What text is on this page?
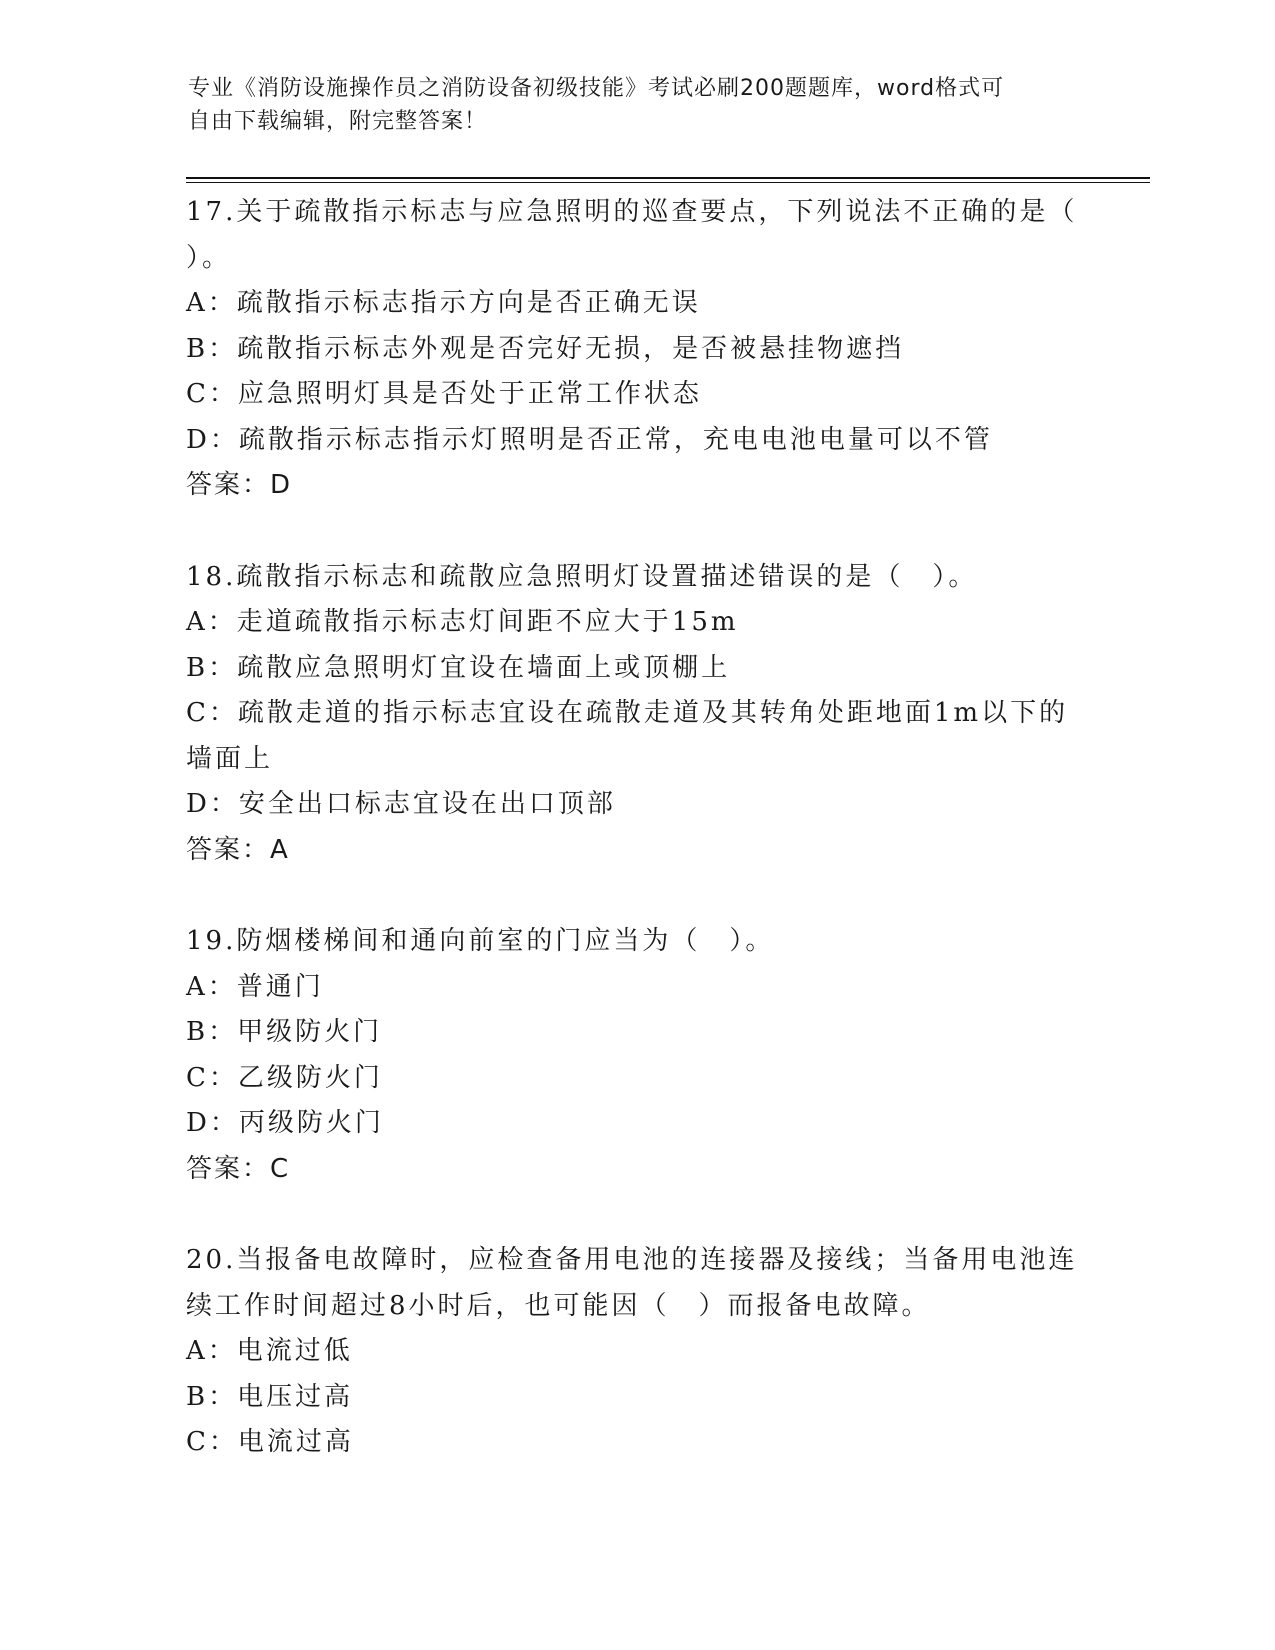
专业《消防设施操作员之消防设备初级技能》考试必刷200题题库，word格式可
自由下载编辑，附完整答案！
17.关于疏散指示标志与应急照明的巡查要点，下列说法不正确的是（
）。
A：疏散指示标志指示方向是否正确无误
B：疏散指示标志外观是否完好无损，是否被悬挂物遮挡
C：应急照明灯具是否处于正常工作状态
D：疏散指示标志指示灯照明是否正常，充电电池电量可以不管
答案：D
18.疏散指示标志和疏散应急照明灯设置描述错误的是（　）。
A：走道疏散指示标志灯间距不应大于15m
B：疏散应急照明灯宜设在墙面上或顶棚上
C：疏散走道的指示标志宜设在疏散走道及其转角处距地面1m以下的
墙面上
D：安全出口标志宜设在出口顶部
答案：A
19.防烟楼梯间和通向前室的门应当为（　）。
A：普通门
B：甲级防火门
C：乙级防火门
D：丙级防火门
答案：C
20.当报备电故障时，应检查备用电池的连接器及接线；当备用电池连
续工作时间超过8小时后，也可能因（　）而报备电故障。
A：电流过低
B：电压过高
C：电流过高
